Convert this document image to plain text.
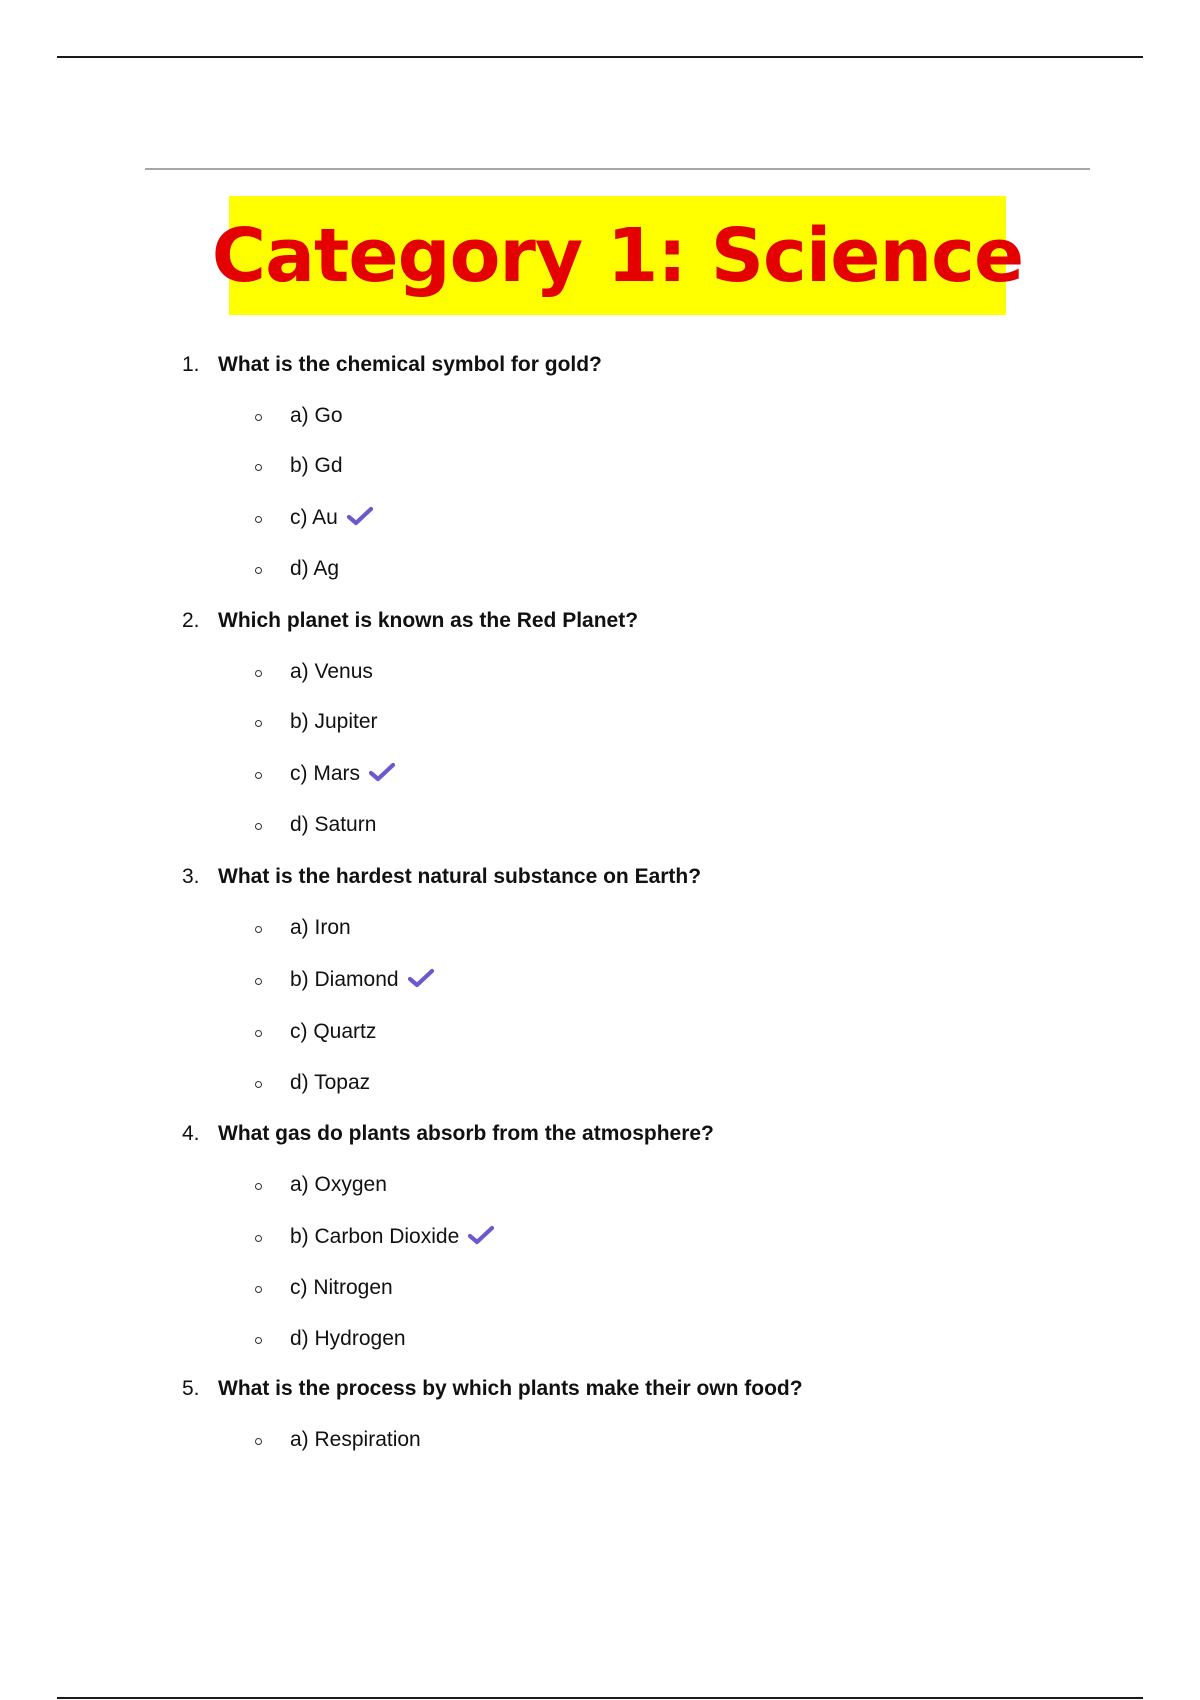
Category 1: Science
1. What is the chemical symbol for gold?
a) Go
b) Gd
c) Au
d) Ag
2. Which planet is known as the Red Planet?
a) Venus
b) Jupiter
c) Mars
d) Saturn
3. What is the hardest natural substance on Earth?
a) Iron
b) Diamond
c) Quartz
d) Topaz
4. What gas do plants absorb from the atmosphere?
a) Oxygen
b) Carbon Dioxide
c) Nitrogen
d) Hydrogen
5. What is the process by which plants make their own food?
a) Respiration
